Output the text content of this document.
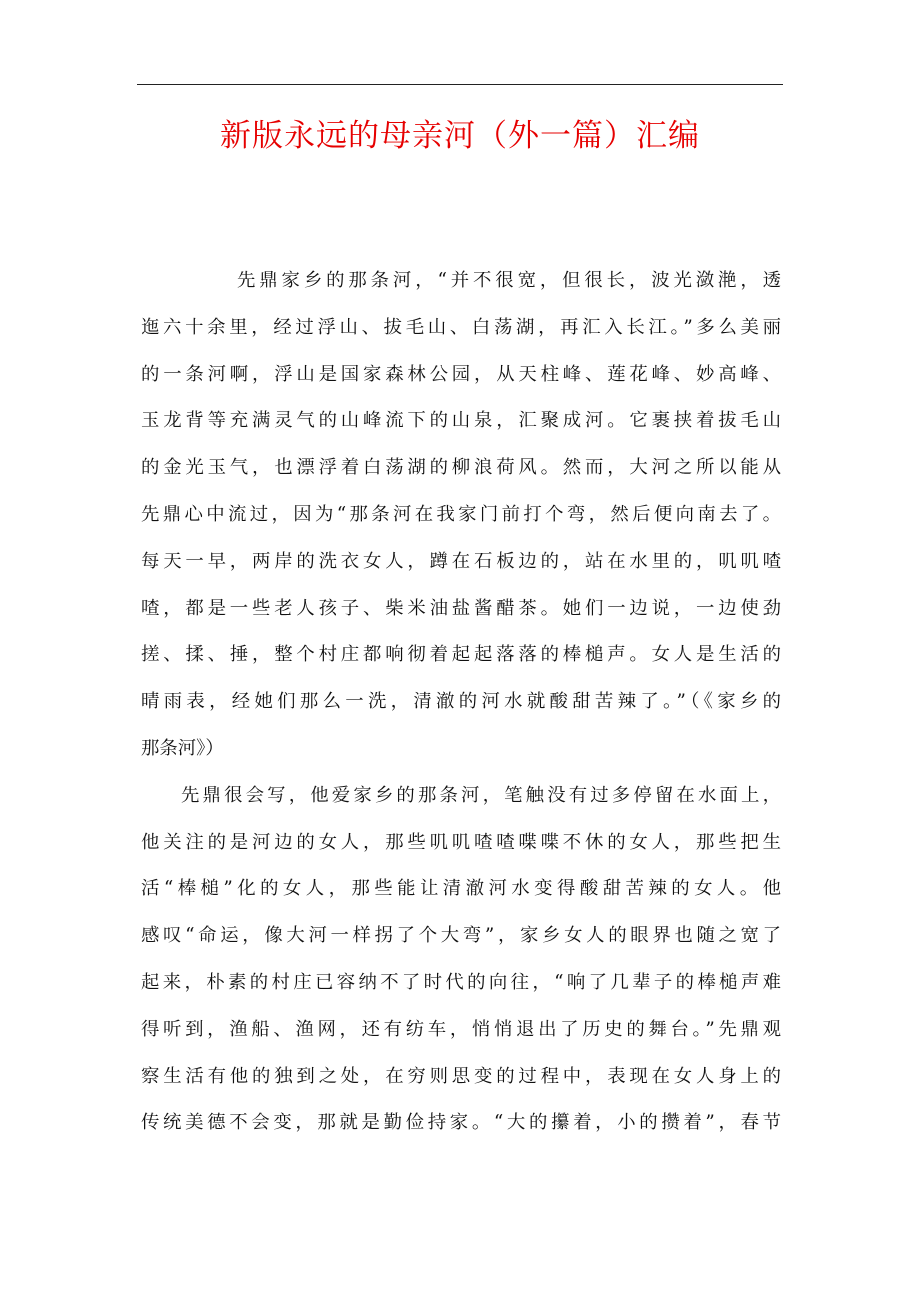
新版永远的母亲河（外一篇）汇编
先鼎家乡的那条河，“并不很宽，但很长，波光潋滟，透
迤六十余里，经过浮山、拔毛山、白荡湖，再汇入长江。”多么美丽
的一条河啊，浮山是国家森林公园，从天柱峰、莲花峰、妙高峰、
玉龙背等充满灵气的山峰流下的山泉，汇聚成河。它裹挟着拔毛山
的金光玉气，也漂浮着白荡湖的柳浪荷风。然而，大河之所以能从
先鼎心中流过，因为“那条河在我家门前打个弯，然后便向南去了。
每天一早，两岸的洗衣女人，蹲在石板边的，站在水里的，叽叽喳
喳，都是一些老人孩子、柴米油盐酱醋茶。她们一边说，一边使劲
搓、揉、捶，整个村庄都响彻着起起落落的棒槌声。女人是生活的
晴雨表，经她们那么一洗，清澈的河水就酸甜苦辣了。”（《家乡的
那条河》）
先鼎很会写，他爱家乡的那条河，笔触没有过多停留在水面上，
他关注的是河边的女人，那些叽叽喳喳喋喋不休的女人，那些把生
活“棒槌”化的女人，那些能让清澈河水变得酸甜苦辣的女人。他
感叹“命运，像大河一样拐了个大弯”，家乡女人的眼界也随之宽了
起来，朴素的村庄已容纳不了时代的向往，“响了几辈子的棒槌声难
得听到，渔船、渔网，还有纺车，悄悄退出了历史的舞台。”先鼎观
察生活有他的独到之处，在穷则思变的过程中，表现在女人身上的
传统美德不会变，那就是勤俭持家。“大的攥着，小的攒着”，春节
